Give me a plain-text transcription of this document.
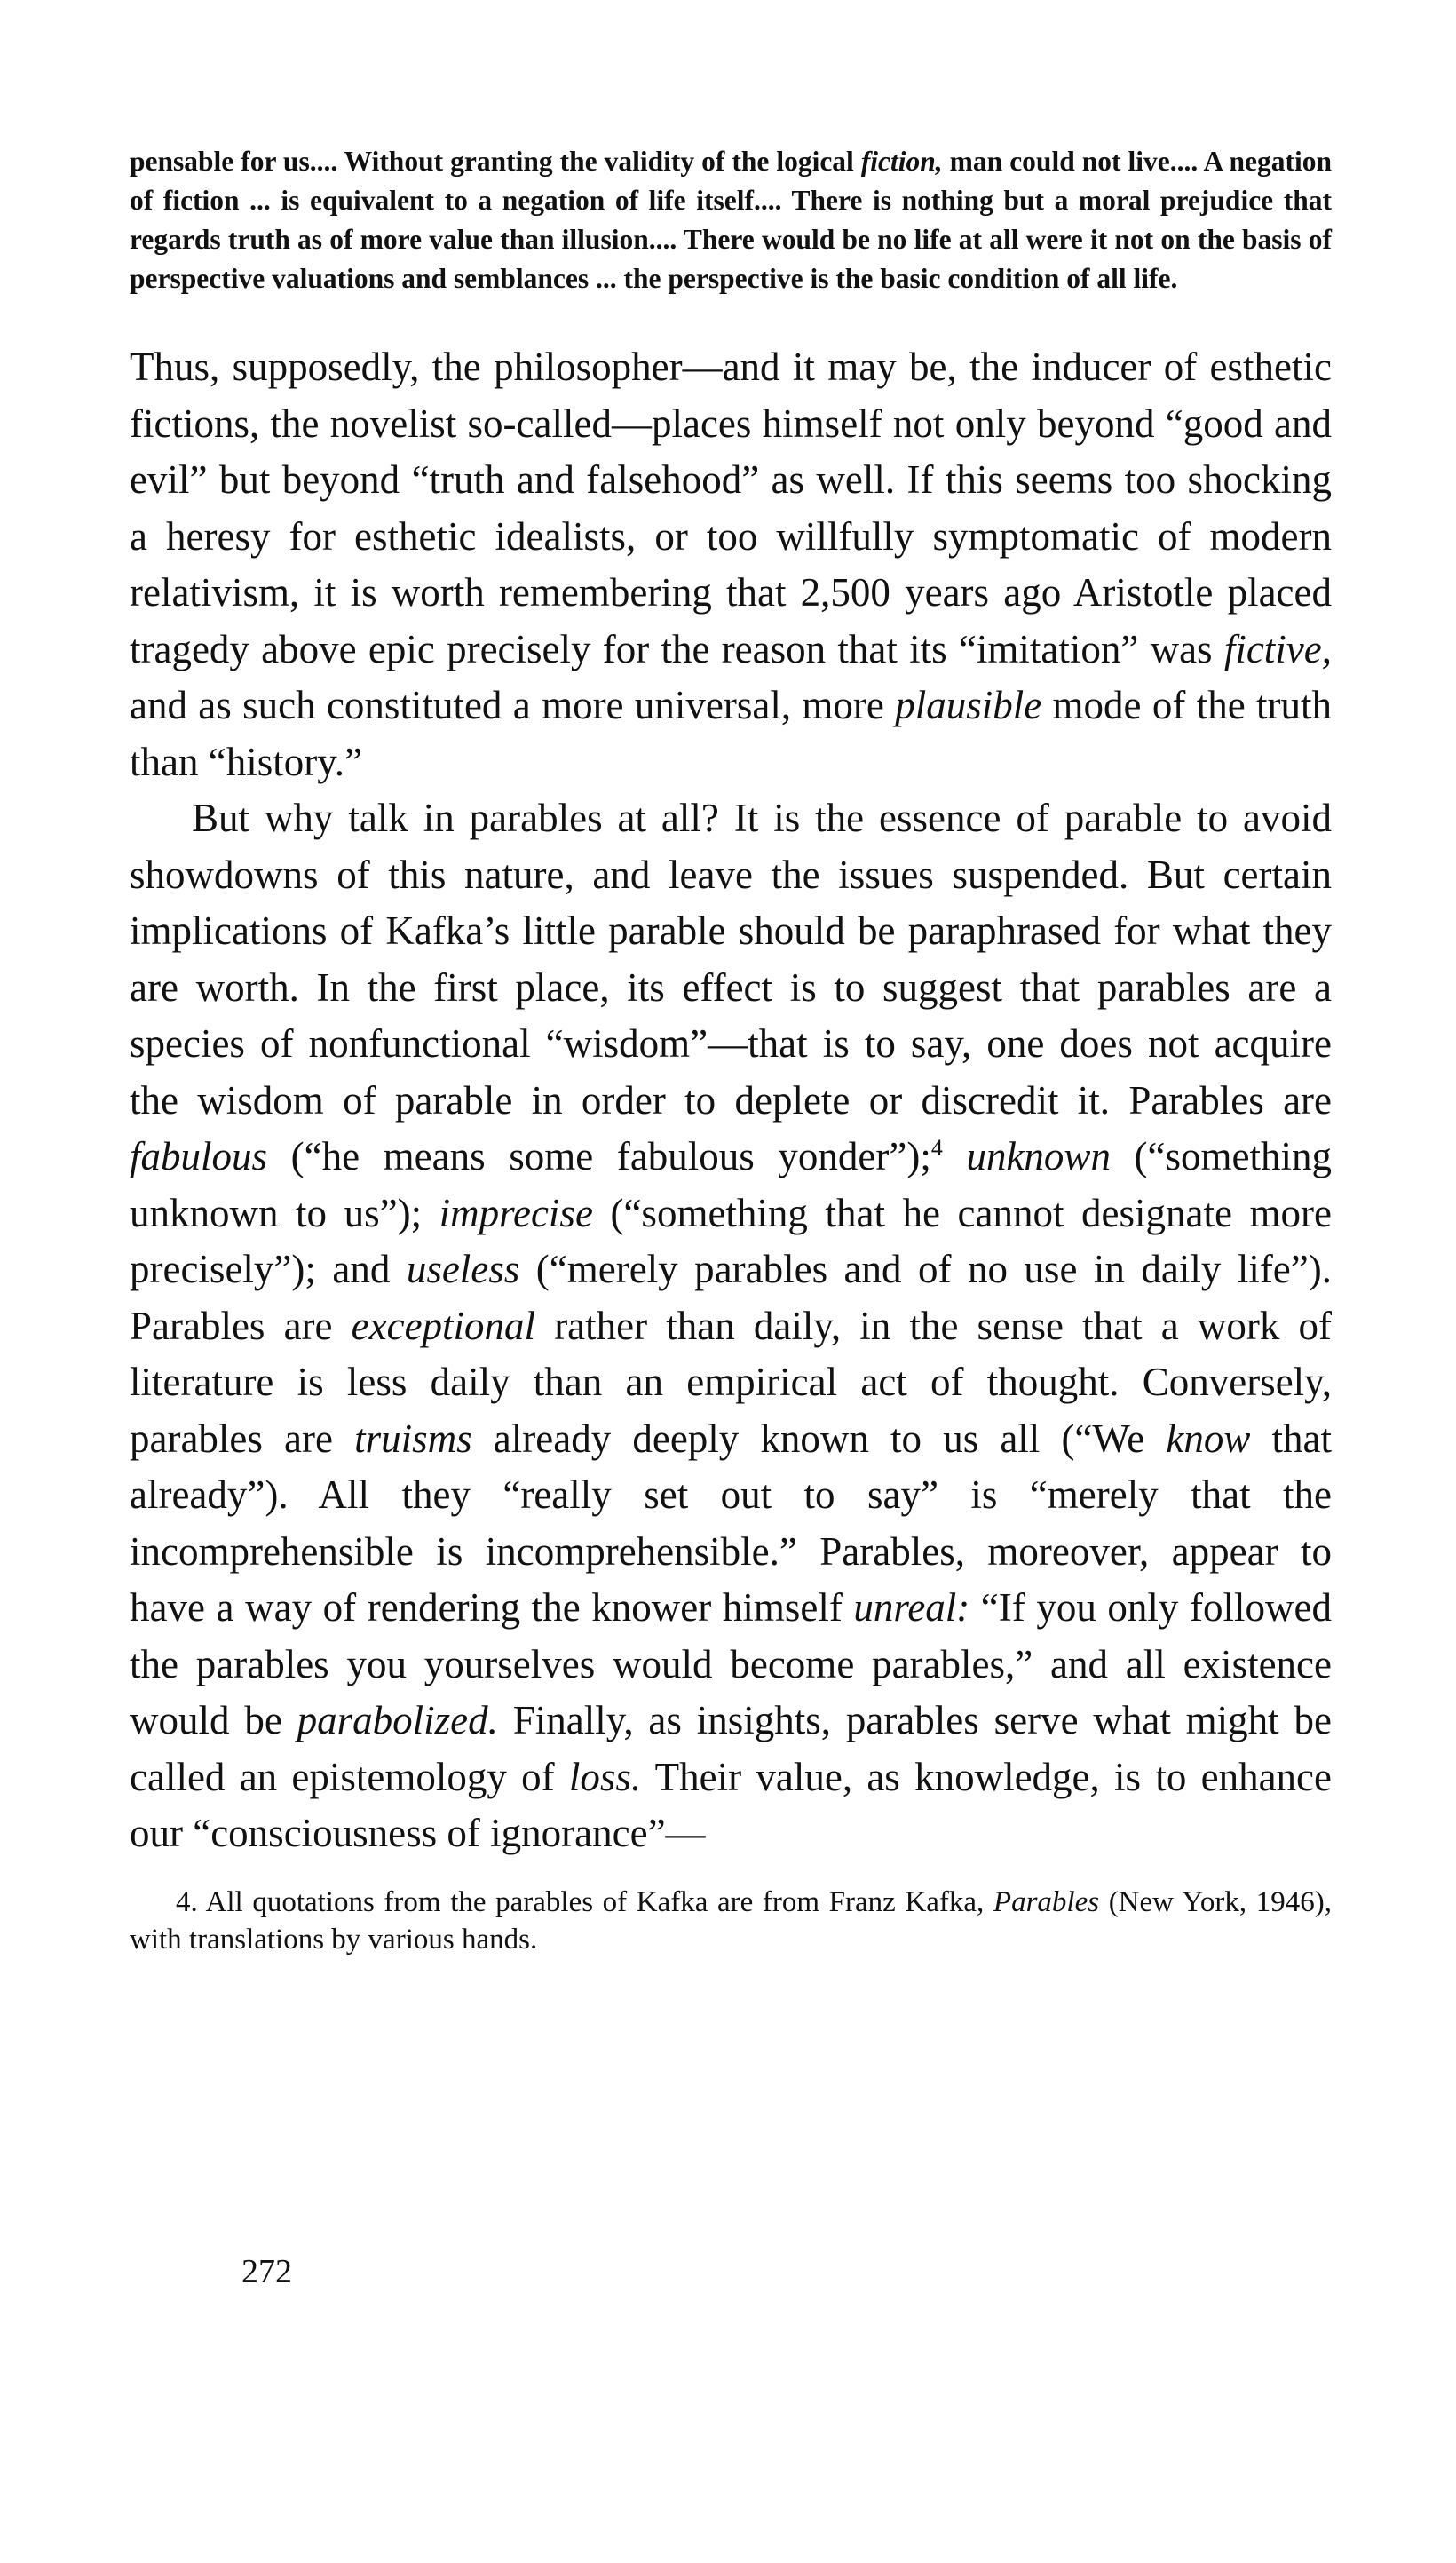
pensable for us.... Without granting the validity of the logical fiction, man could not live.... A negation of fiction ... is equivalent to a negation of life itself.... There is nothing but a moral prejudice that regards truth as of more value than illusion.... There would be no life at all were it not on the basis of perspective valuations and semblances ... the perspective is the basic condition of all life.

Thus, supposedly, the philosopher—and it may be, the inducer of esthetic fictions, the novelist so-called—places himself not only beyond “good and evil” but beyond “truth and falsehood” as well. If this seems too shocking a heresy for esthetic idealists, or too willfully symptomatic of modern relativism, it is worth remembering that 2,500 years ago Aristotle placed tragedy above epic precisely for the reason that its “imitation” was fictive, and as such constituted a more universal, more plausible mode of the truth than “history.”

But why talk in parables at all? It is the essence of parable to avoid showdowns of this nature, and leave the issues suspended. But certain implications of Kafka’s little parable should be paraphrased for what they are worth. In the first place, its effect is to suggest that parables are a species of nonfunctional “wisdom”—that is to say, one does not acquire the wisdom of parable in order to deplete or discredit it. Parables are fabulous (“he means some fabulous yonder”);$^4$ unknown (“something unknown to us”); imprecise (“something that he cannot designate more precisely”); and useless (“merely parables and of no use in daily life”). Parables are exceptional rather than daily, in the sense that a work of literature is less daily than an empirical act of thought. Conversely, parables are truisms already deeply known to us all (“We know that already”). All they “really set out to say” is “merely that the incomprehensible is incomprehensible.” Parables, moreover, appear to have a way of rendering the knower himself unreal: “If you only followed the parables you yourselves would become parables,” and all existence would be parabolized. Finally, as insights, parables serve what might be called an epistemology of loss. Their value, as knowledge, is to enhance our “consciousness of ignorance”—

4. All quotations from the parables of Kafka are from Franz Kafka, Parables (New York, 1946), with translations by various hands.

272
